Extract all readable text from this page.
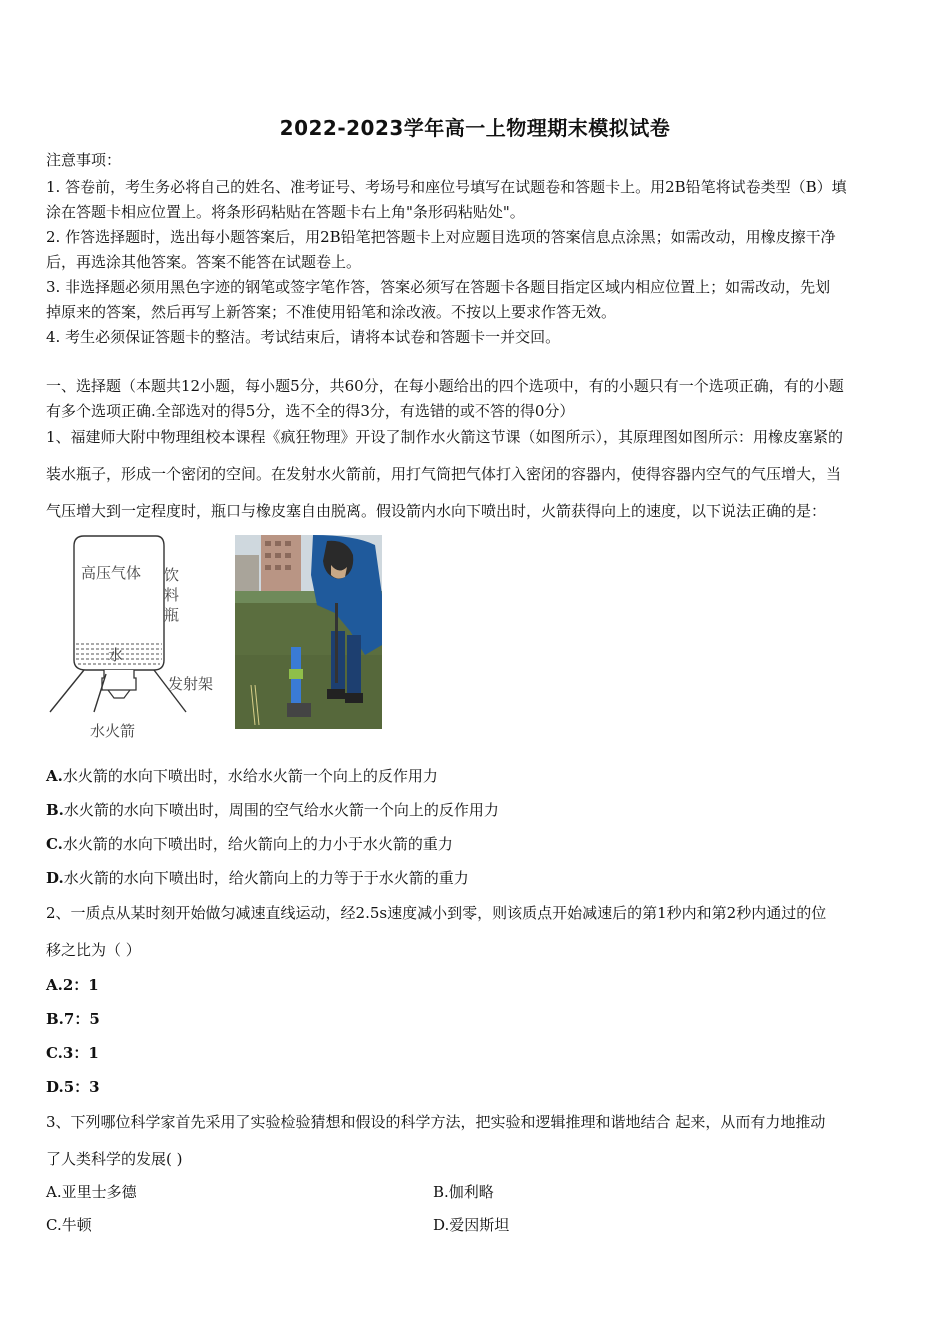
2022-2023学年高一上物理期末模拟试卷
注意事项：
1. 答卷前，考生务必将自己的姓名、准考证号、考场号和座位号填写在试题卷和答题卡上。用2B铅笔将试卷类型（B）填
涂在答题卡相应位置上。将条形码粘贴在答题卡右上角"条形码粘贴处"。
2. 作答选择题时，选出每小题答案后，用2B铅笔把答题卡上对应题目选项的答案信息点涂黑；如需改动，用橡皮擦干净
后，再选涂其他答案。答案不能答在试题卷上。
3. 非选择题必须用黑色字迹的钢笔或签字笔作答，答案必须写在答题卡各题目指定区域内相应位置上；如需改动，先划
掉原来的答案，然后再写上新答案；不准使用铅笔和涂改液。不按以上要求作答无效。
4. 考生必须保证答题卡的整洁。考试结束后，请将本试卷和答题卡一并交回。
一、选择题（本题共12小题，每小题5分，共60分，在每小题给出的四个选项中，有的小题只有一个选项正确，有的小题
有多个选项正确.全部选对的得5分，选不全的得3分，有选错的或不答的得0分）
1、福建师大附中物理组校本课程《疯狂物理》开设了制作水火箭这节课（如图所示），其原理图如图所示：用橡皮塞紧的
装水瓶子，形成一个密闭的空间。在发射水火箭前，用打气筒把气体打入密闭的容器内，使得容器内空气的气压增大，当
气压增大到一定程度时，瓶口与橡皮塞自由脱离。假设箭内水向下喷出时，火箭获得向上的速度，以下说法正确的是：
高压气体 饮
料
瓶
水
发射架
水火箭
A.水火箭的水向下喷出时，水给水火箭一个向上的反作用力
B.水火箭的水向下喷出时，周围的空气给水火箭一个向上的反作用力
C.水火箭的水向下喷出时，给火箭向上的力小于水火箭的重力
D.水火箭的水向下喷出时，给火箭向上的力等于于水火箭的重力
2、一质点从某时刻开始做匀减速直线运动，经2.5s速度减小到零，则该质点开始减速后的第1秒内和第2秒内通过的位
移之比为（ ）
A.2：1
B.7：5
C.3：1
D.5：3
3、下列哪位科学家首先采用了实验检验猜想和假设的科学方法，把实验和逻辑推理和谐地结合 起来，从而有力地推动
了人类科学的发展( )
A.亚里士多德	B.伽利略
C.牛顿	D.爱因斯坦
